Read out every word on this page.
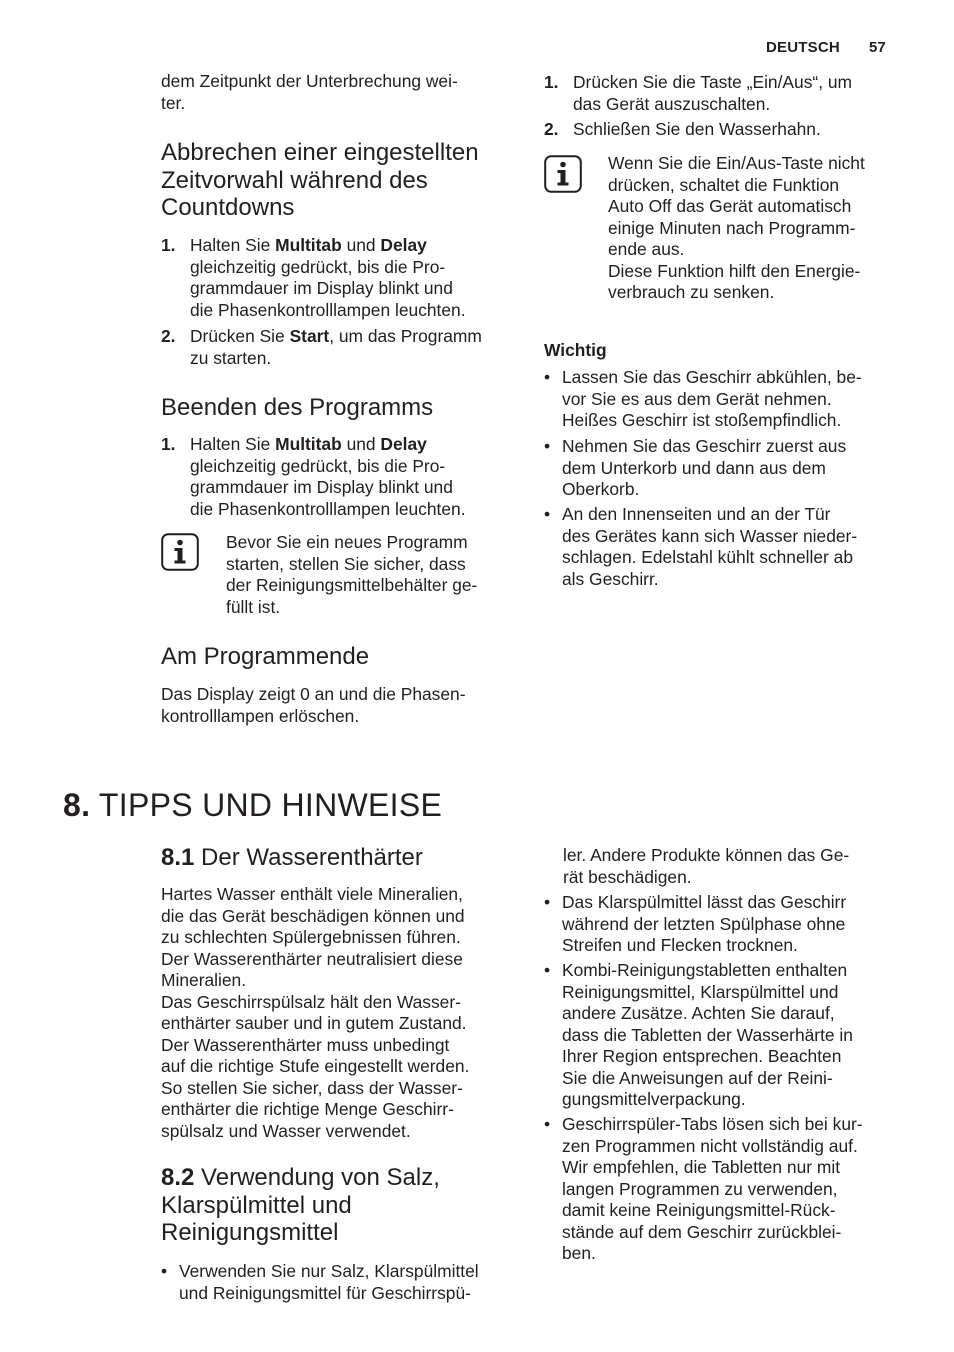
DEUTSCH 57
dem Zeitpunkt der Unterbrechung wei-
ter.
Abbrechen einer eingestellten
Zeitvorwahl während des
Countdowns
1. Halten Sie Multitab und Delay
gleichzeitig gedrückt, bis die Pro-
grammdauer im Display blinkt und
die Phasenkontrolllampen leuchten.
2. Drücken Sie Start, um das Programm
zu starten.
Beenden des Programms
1. Halten Sie Multitab und Delay
gleichzeitig gedrückt, bis die Pro-
grammdauer im Display blinkt und
die Phasenkontrolllampen leuchten.
Bevor Sie ein neues Programm
starten, stellen Sie sicher, dass
der Reinigungsmittelbehälter ge-
füllt ist.
Am Programmende
Das Display zeigt 0 an und die Phasen-
kontrolllampen erlöschen.
1. Drücken Sie die Taste „Ein/Aus“, um
das Gerät auszuschalten.
2. Schließen Sie den Wasserhahn.
Wenn Sie die Ein/Aus-Taste nicht
drücken, schaltet die Funktion
Auto Off das Gerät automatisch
einige Minuten nach Programm-
ende aus.
Diese Funktion hilft den Energie-
verbrauch zu senken.
Wichtig
• Lassen Sie das Geschirr abkühlen, be-
vor Sie es aus dem Gerät nehmen.
Heißes Geschirr ist stoßempfindlich.
• Nehmen Sie das Geschirr zuerst aus
dem Unterkorb und dann aus dem
Oberkorb.
• An den Innenseiten und an der Tür
des Gerätes kann sich Wasser nieder-
schlagen. Edelstahl kühlt schneller ab
als Geschirr.
8. TIPPS UND HINWEISE
8.1 Der Wasserenthärter
Hartes Wasser enthält viele Mineralien,
die das Gerät beschädigen können und
zu schlechten Spülergebnissen führen.
Der Wasserenthärter neutralisiert diese
Mineralien.
Das Geschirrspülsalz hält den Wasser-
enthärter sauber und in gutem Zustand.
Der Wasserenthärter muss unbedingt
auf die richtige Stufe eingestellt werden.
So stellen Sie sicher, dass der Wasser-
enthärter die richtige Menge Geschirr-
spülsalz und Wasser verwendet.
8.2 Verwendung von Salz,
Klarspülmittel und
Reinigungsmittel
• Verwenden Sie nur Salz, Klarspülmittel
und Reinigungsmittel für Geschirrspü-
ler. Andere Produkte können das Ge-
rät beschädigen.
• Das Klarspülmittel lässt das Geschirr
während der letzten Spülphase ohne
Streifen und Flecken trocknen.
• Kombi-Reinigungstabletten enthalten
Reinigungsmittel, Klarspülmittel und
andere Zusätze. Achten Sie darauf,
dass die Tabletten der Wasserhärte in
Ihrer Region entsprechen. Beachten
Sie die Anweisungen auf der Reini-
gungsmittelverpackung.
• Geschirrspüler-Tabs lösen sich bei kur-
zen Programmen nicht vollständig auf.
Wir empfehlen, die Tabletten nur mit
langen Programmen zu verwenden,
damit keine Reinigungsmittel-Rück-
stände auf dem Geschirr zurückblei-
ben.
